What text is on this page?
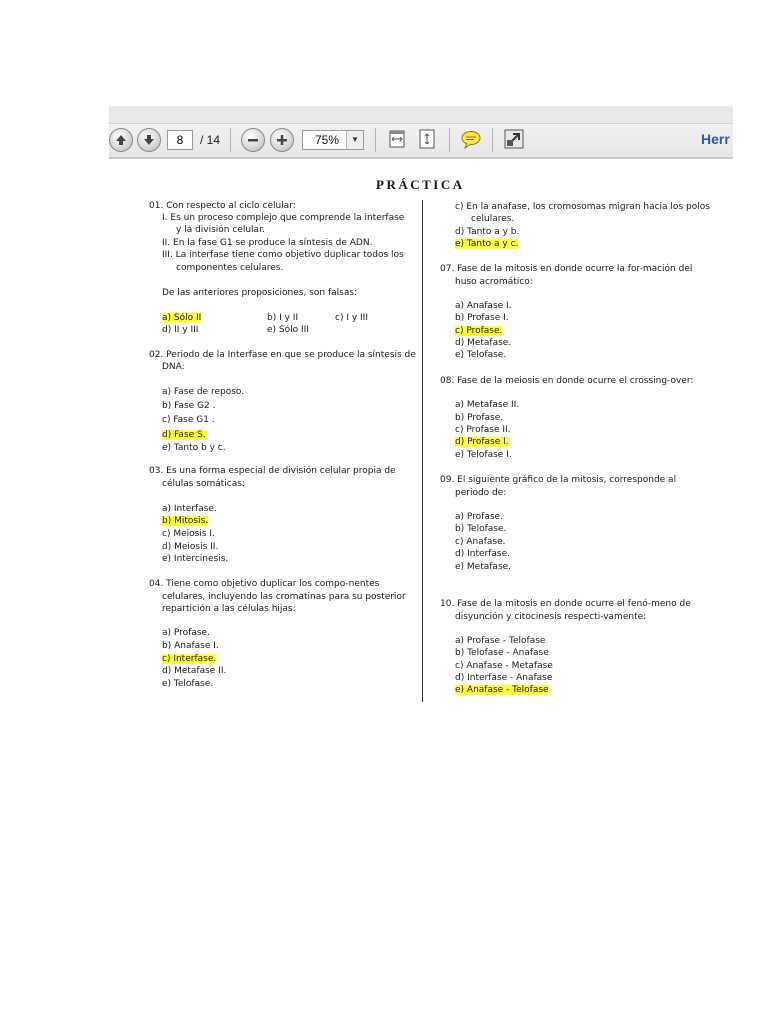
8	/ 14	75%	▼	Herr
PRÁCTICA
01. Con respecto al ciclo celular:
I. Es un proceso complejo que comprende la interfase
y la división celular.
II. En la fase G1 se produce la síntesis de ADN.
III. La interfase tiene como objetivo duplicar todos los
componentes celulares.
De las anteriores proposiciones, son falsas:
a) Sólo II	b) I y II	c) I y III
d) II y III	e) Sólo III
02. Periodo de la Interfase en que se produce la síntesis de
DNA:
a) Fase de reposo.
b) Fase G2 .
c) Fase G1 .
d) Fase S.
e) Tanto b y c.
03. Es una forma especial de división celular propia de
células somáticas:
a) Interfase.
b) Mitosis.
c) Meiosis I.
d) Meiosis II.
e) Intercinesis.
04. Tiene como objetivo duplicar los compo-nentes
celulares, incluyendo las cromatinas para su posterior
repartición a las células hijas:
a) Profase.
b) Anafase I.
c) Interfase.
d) Metafase II.
e) Telofase.
c) En la anafase, los cromosomas migran hacia los polos
celulares.
d) Tanto a y b.
e) Tanto a y c.
07. Fase de la mitosis en donde ocurre la for-mación del
huso acromático:
a) Anafase I.
b) Profase I.
c) Profase.
d) Metafase.
e) Telofase.
08. Fase de la meiosis en donde ocurre el crossing-over:
a) Metafase II.
b) Profase.
c) Profase II.
d) Profase I.
e) Telofase I.
09. El siguiente gráfico de la mitosis, corresponde al
periodo de:
a) Profase.
b) Telofase.
c) Anafase.
d) Interfase.
e) Metafase.
10. Fase de la mitosis en donde ocurre el fenó-meno de
disyunción y citocinesis respecti-vamente:
a) Profase - Telofase
b) Telofase - Anafase
c) Anafase - Metafase
d) Interfase - Anafase
e) Anafase - Telofase
